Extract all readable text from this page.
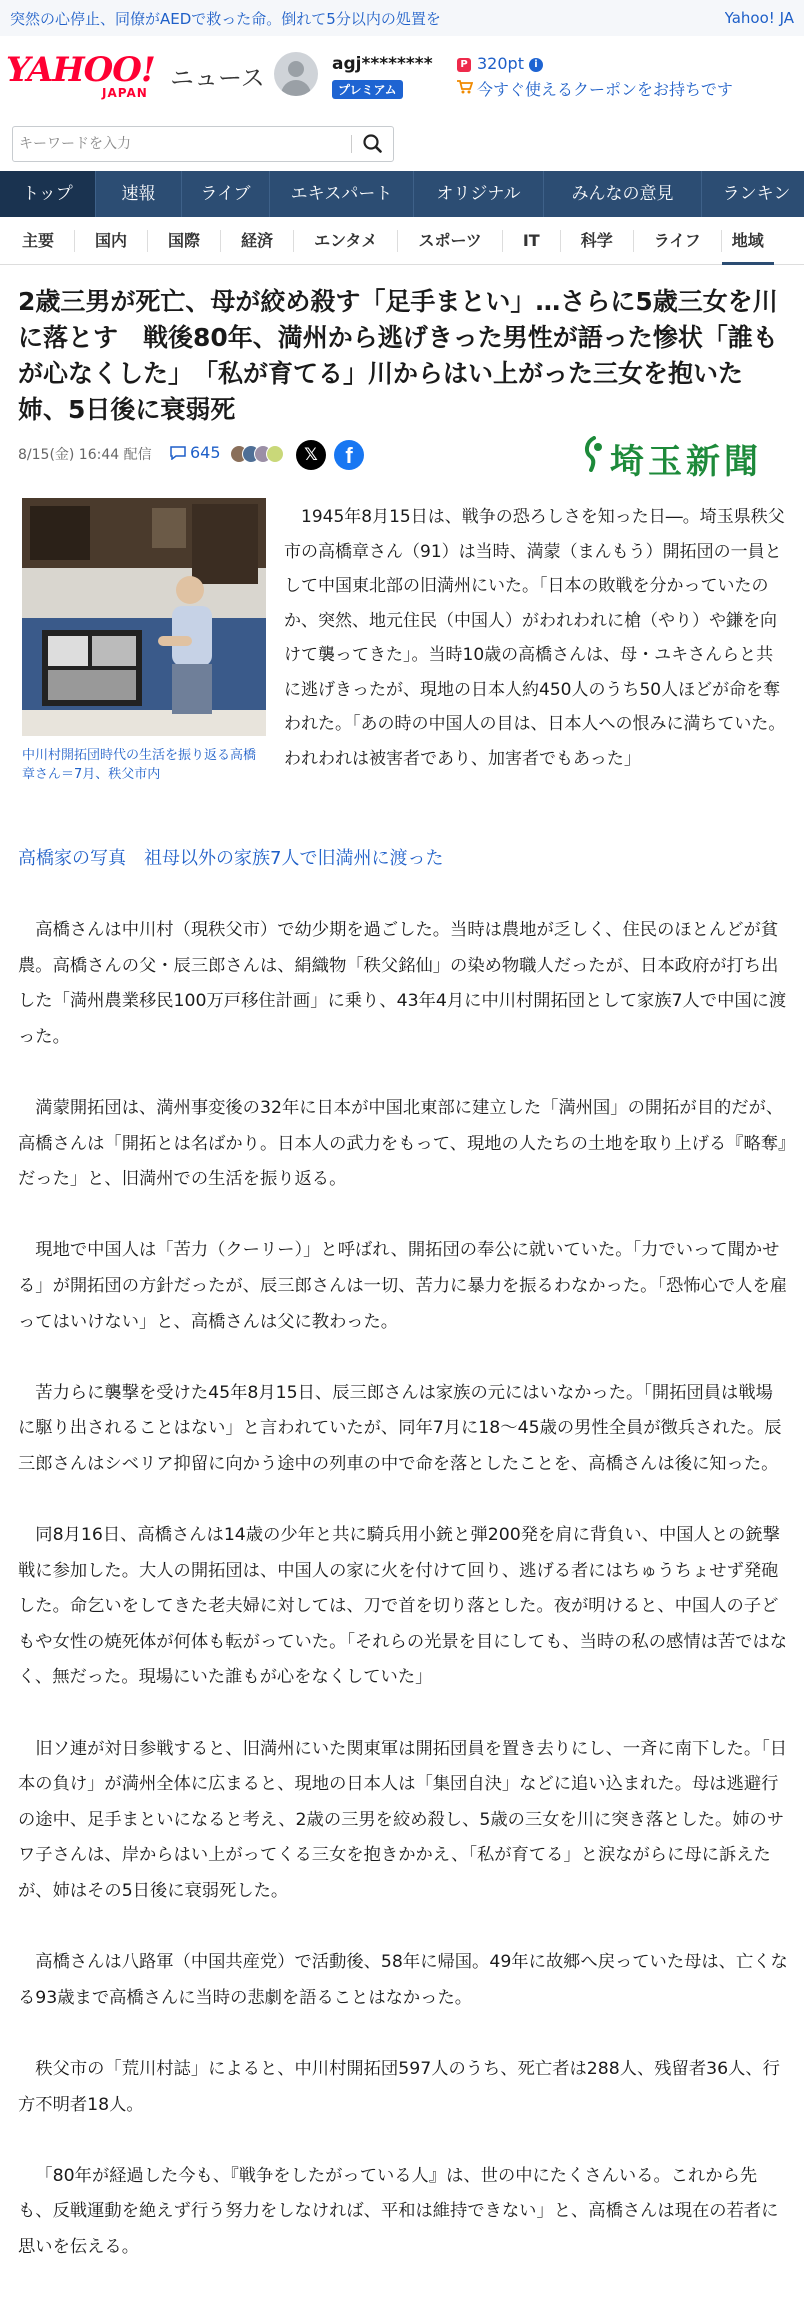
突然の心停止、同僚がAEDで救った命。倒れて5分以内の処置を	Yahoo! JA
YAHOO!
JAPAN
ニュース	agj********
プレミアム
P 320pt	i
今すぐ使えるクーポンをお持ちです
キーワードを入力
トップ	速報	ライブ	エキスパート	オリジナル	みんなの意見	ランキン
主要	国内	国際	経済	エンタメ	スポーツ	IT	科学	ライフ	地域
2歳三男が死亡、母が絞め殺す「足手まとい」…さらに5歳三女を川に落とす　戦後80年、満州から逃げきった男性が語った惨状「誰もが心なくした」　「私が育てる」川からはい上がった三女を抱いた姉、5日後に衰弱死
8/15(金) 16:44 配信 645	𝕏	f	埼玉新聞

中川村開拓団時代の生活を振り返る高橋章さん＝7月、秩父市内

1945年8月15日は、戦争の恐ろしさを知った日―。埼玉県秩父市の高橋章さん（91）は当時、満蒙（まんもう）開拓団の一員として中国東北部の旧満州にいた。「日本の敗戦を分かっていたのか、突然、地元住民（中国人）がわれわれに槍（やり）や鎌を向けて襲ってきた」。当時10歳の高橋さんは、母・ユキさんらと共に逃げきったが、現地の日本人約450人のうち50人ほどが命を奪われた。「あの時の中国人の目は、日本人への恨みに満ちていた。われわれは被害者であり、加害者でもあった」

高橋家の写真　祖母以外の家族7人で旧満州に渡った

高橋さんは中川村（現秩父市）で幼少期を過ごした。当時は農地が乏しく、住民のほとんどが貧農。高橋さんの父・辰三郎さんは、絹織物「秩父銘仙」の染め物職人だったが、日本政府が打ち出した「満州農業移民100万戸移住計画」に乗り、43年4月に中川村開拓団として家族7人で中国に渡った。

満蒙開拓団は、満州事変後の32年に日本が中国北東部に建立した「満州国」の開拓が目的だが、高橋さんは「開拓とは名ばかり。日本人の武力をもって、現地の人たちの土地を取り上げる『略奪』だった」と、旧満州での生活を振り返る。

現地で中国人は「苦力（クーリー）」と呼ばれ、開拓団の奉公に就いていた。「力でいって聞かせる」が開拓団の方針だったが、辰三郎さんは一切、苦力に暴力を振るわなかった。「恐怖心で人を雇ってはいけない」と、高橋さんは父に教わった。

苦力らに襲撃を受けた45年8月15日、辰三郎さんは家族の元にはいなかった。「開拓団員は戦場に駆り出されることはない」と言われていたが、同年7月に18～45歳の男性全員が徴兵された。辰三郎さんはシベリア抑留に向かう途中の列車の中で命を落としたことを、高橋さんは後に知った。

同8月16日、高橋さんは14歳の少年と共に騎兵用小銃と弾200発を肩に背負い、中国人との銃撃戦に参加した。大人の開拓団は、中国人の家に火を付けて回り、逃げる者にはちゅうちょせず発砲した。命乞いをしてきた老夫婦に対しては、刀で首を切り落とした。夜が明けると、中国人の子どもや女性の焼死体が何体も転がっていた。「それらの光景を目にしても、当時の私の感情は苦ではなく、無だった。現場にいた誰もが心をなくしていた」

旧ソ連が対日参戦すると、旧満州にいた関東軍は開拓団員を置き去りにし、一斉に南下した。「日本の負け」が満州全体に広まると、現地の日本人は「集団自決」などに追い込まれた。母は逃避行の途中、足手まといになると考え、2歳の三男を絞め殺し、5歳の三女を川に突き落とした。姉のサワ子さんは、岸からはい上がってくる三女を抱きかかえ、「私が育てる」と涙ながらに母に訴えたが、姉はその5日後に衰弱死した。

高橋さんは八路軍（中国共産党）で活動後、58年に帰国。49年に故郷へ戻っていた母は、亡くなる93歳まで高橋さんに当時の悲劇を語ることはなかった。

秩父市の「荒川村誌」によると、中川村開拓団597人のうち、死亡者は288人、残留者36人、行方不明者18人。

「80年が経過した今も、『戦争をしたがっている人』は、世の中にたくさんいる。これから先も、反戦運動を絶えず行う努力をしなければ、平和は維持できない」と、高橋さんは現在の若者に思いを伝える。
